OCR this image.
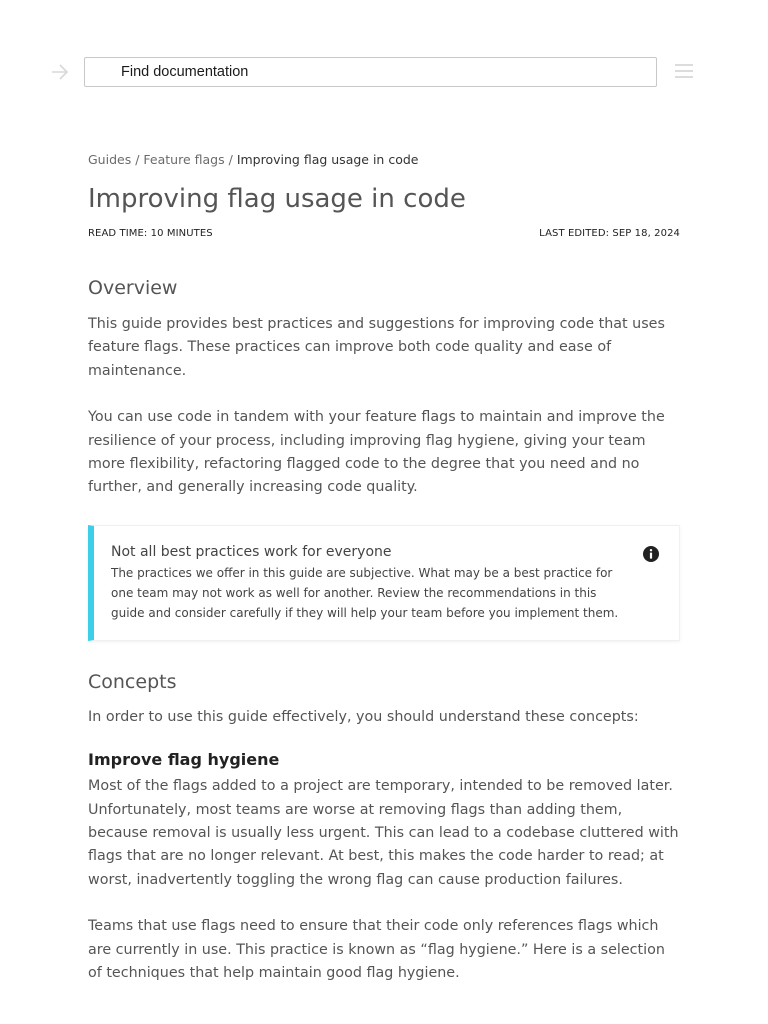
Find documentation
Guides / Feature flags / Improving flag usage in code
Improving flag usage in code
READ TIME: 10 MINUTES	LAST EDITED: SEP 18, 2024
Overview

This guide provides best practices and suggestions for improving code that uses feature flags. These practices can improve both code quality and ease of maintenance.

You can use code in tandem with your feature flags to maintain and improve the resilience of your process, including improving flag hygiene, giving your team more flexibility, refactoring flagged code to the degree that you need and no further, and generally increasing code quality.

Not all best practices work for everyone
The practices we offer in this guide are subjective. What may be a best practice for one team may not work as well for another. Review the recommendations in this guide and consider carefully if they will help your team before you implement them.
Concepts

In order to use this guide effectively, you should understand these concepts:

Improve flag hygiene

Most of the flags added to a project are temporary, intended to be removed later. Unfortunately, most teams are worse at removing flags than adding them, because removal is usually less urgent. This can lead to a codebase cluttered with flags that are no longer relevant. At best, this makes the code harder to read; at worst, inadvertently toggling the wrong flag can cause production failures.

Teams that use flags need to ensure that their code only references flags which are currently in use. This practice is known as “flag hygiene.” Here is a selection of techniques that help maintain good flag hygiene.
